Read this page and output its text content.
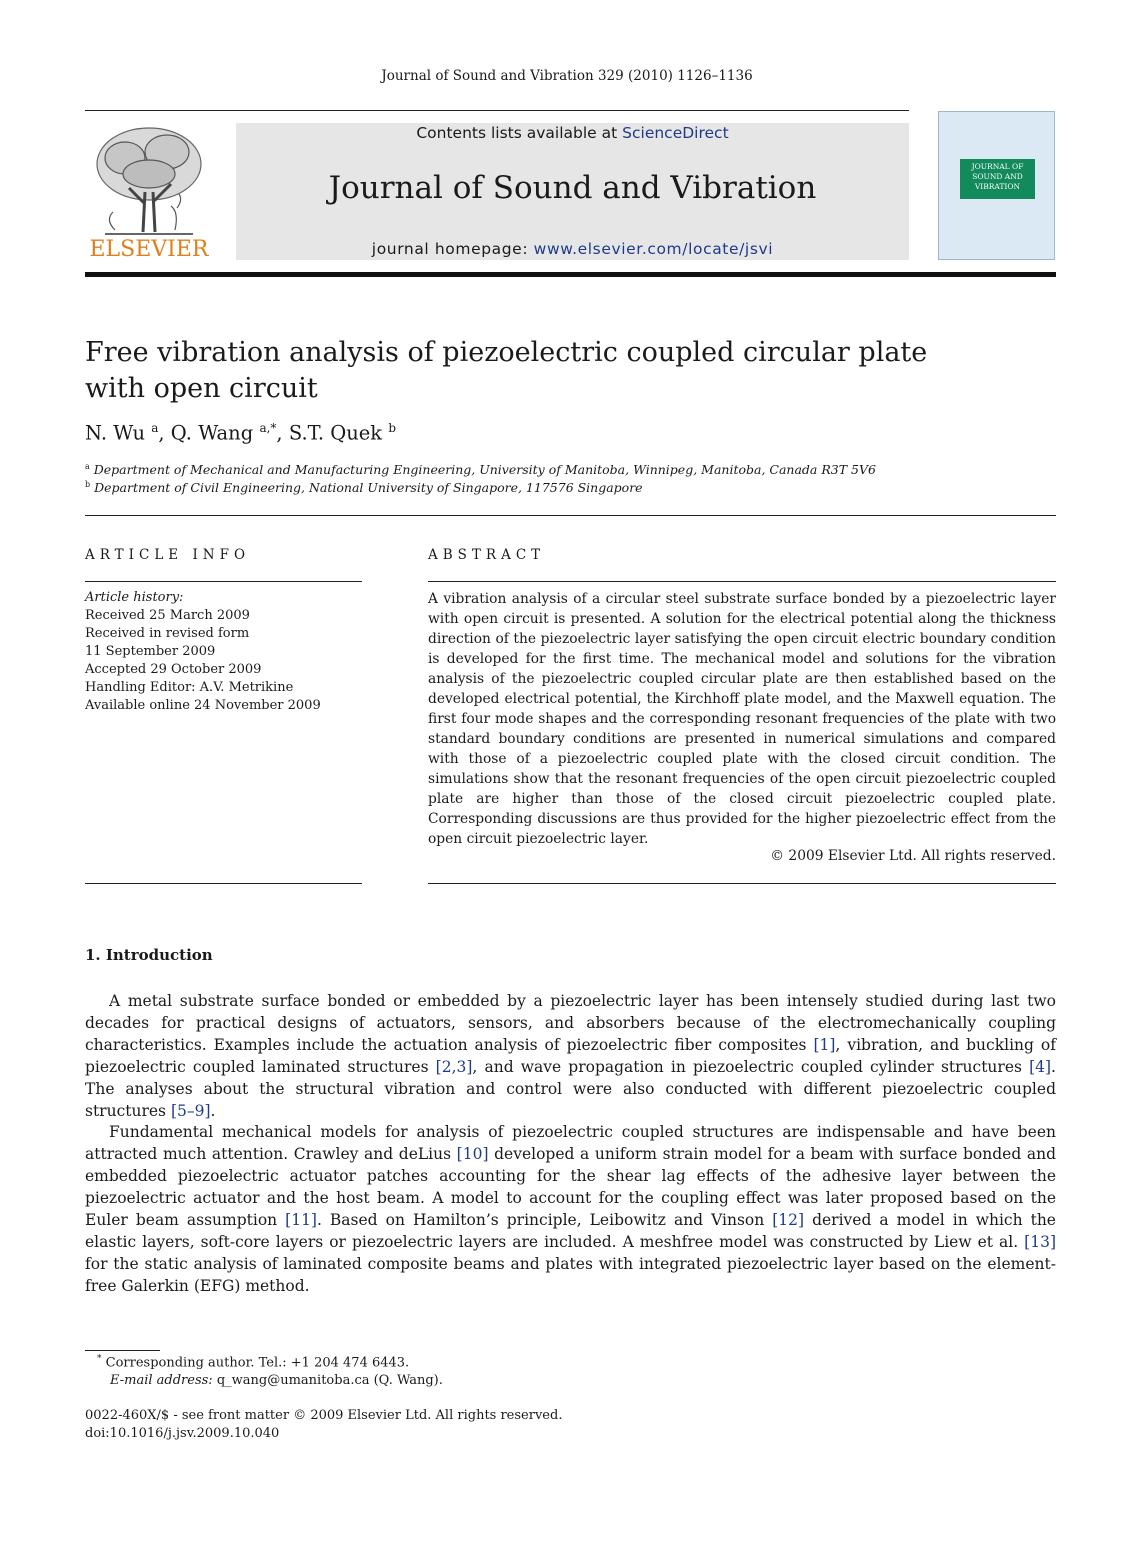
Journal of Sound and Vibration 329 (2010) 1126–1136
ELSEVIER
Contents lists available at ScienceDirect
Journal of Sound and Vibration
journal homepage: www.elsevier.com/locate/jsvi
JOURNAL OF SOUND AND VIBRATION
Free vibration analysis of piezoelectric coupled circular plate
with open circuit
N. Wu $^a$, Q. Wang $^{a,*}$, S.T. Quek $^b$
$^a$ Department of Mechanical and Manufacturing Engineering, University of Manitoba, Winnipeg, Manitoba, Canada R3T 5V6
$^b$ Department of Civil Engineering, National University of Singapore, 117576 Singapore
ARTICLE INFO	ABSTRACT
Article history:
Received 25 March 2009
Received in revised form
11 September 2009
Accepted 29 October 2009
Handling Editor: A.V. Metrikine
Available online 24 November 2009
A vibration analysis of a circular steel substrate surface bonded by a piezoelectric layer with open circuit is presented. A solution for the electrical potential along the thickness direction of the piezoelectric layer satisfying the open circuit electric boundary condition is developed for the first time. The mechanical model and solutions for the vibration analysis of the piezoelectric coupled circular plate are then established based on the developed electrical potential, the Kirchhoff plate model, and the Maxwell equation. The first four mode shapes and the corresponding resonant frequencies of the plate with two standard boundary conditions are presented in numerical simulations and compared with those of a piezoelectric coupled plate with the closed circuit condition. The simulations show that the resonant frequencies of the open circuit piezoelectric coupled plate are higher than those of the closed circuit piezoelectric coupled plate. Corresponding discussions are thus provided for the higher piezoelectric effect from the open circuit piezoelectric layer.
© 2009 Elsevier Ltd. All rights reserved.
1. Introduction

A metal substrate surface bonded or embedded by a piezoelectric layer has been intensely studied during last two decades for practical designs of actuators, sensors, and absorbers because of the electromechanically coupling characteristics. Examples include the actuation analysis of piezoelectric fiber composites [1], vibration, and buckling of piezoelectric coupled laminated structures [2,3], and wave propagation in piezoelectric coupled cylinder structures [4]. The analyses about the structural vibration and control were also conducted with different piezoelectric coupled structures [5–9].

Fundamental mechanical models for analysis of piezoelectric coupled structures are indispensable and have been attracted much attention. Crawley and deLius [10] developed a uniform strain model for a beam with surface bonded and embedded piezoelectric actuator patches accounting for the shear lag effects of the adhesive layer between the piezoelectric actuator and the host beam. A model to account for the coupling effect was later proposed based on the Euler beam assumption [11]. Based on Hamilton’s principle, Leibowitz and Vinson [12] derived a model in which the elastic layers, soft-core layers or piezoelectric layers are included. A meshfree model was constructed by Liew et al. [13] for the static analysis of laminated composite beams and plates with integrated piezoelectric layer based on the element-free Galerkin (EFG) method.

* Corresponding author. Tel.: +1 204 474 6443.
E-mail address: q_wang@umanitoba.ca (Q. Wang).
0022-460X/$ - see front matter © 2009 Elsevier Ltd. All rights reserved.
doi:10.1016/j.jsv.2009.10.040
